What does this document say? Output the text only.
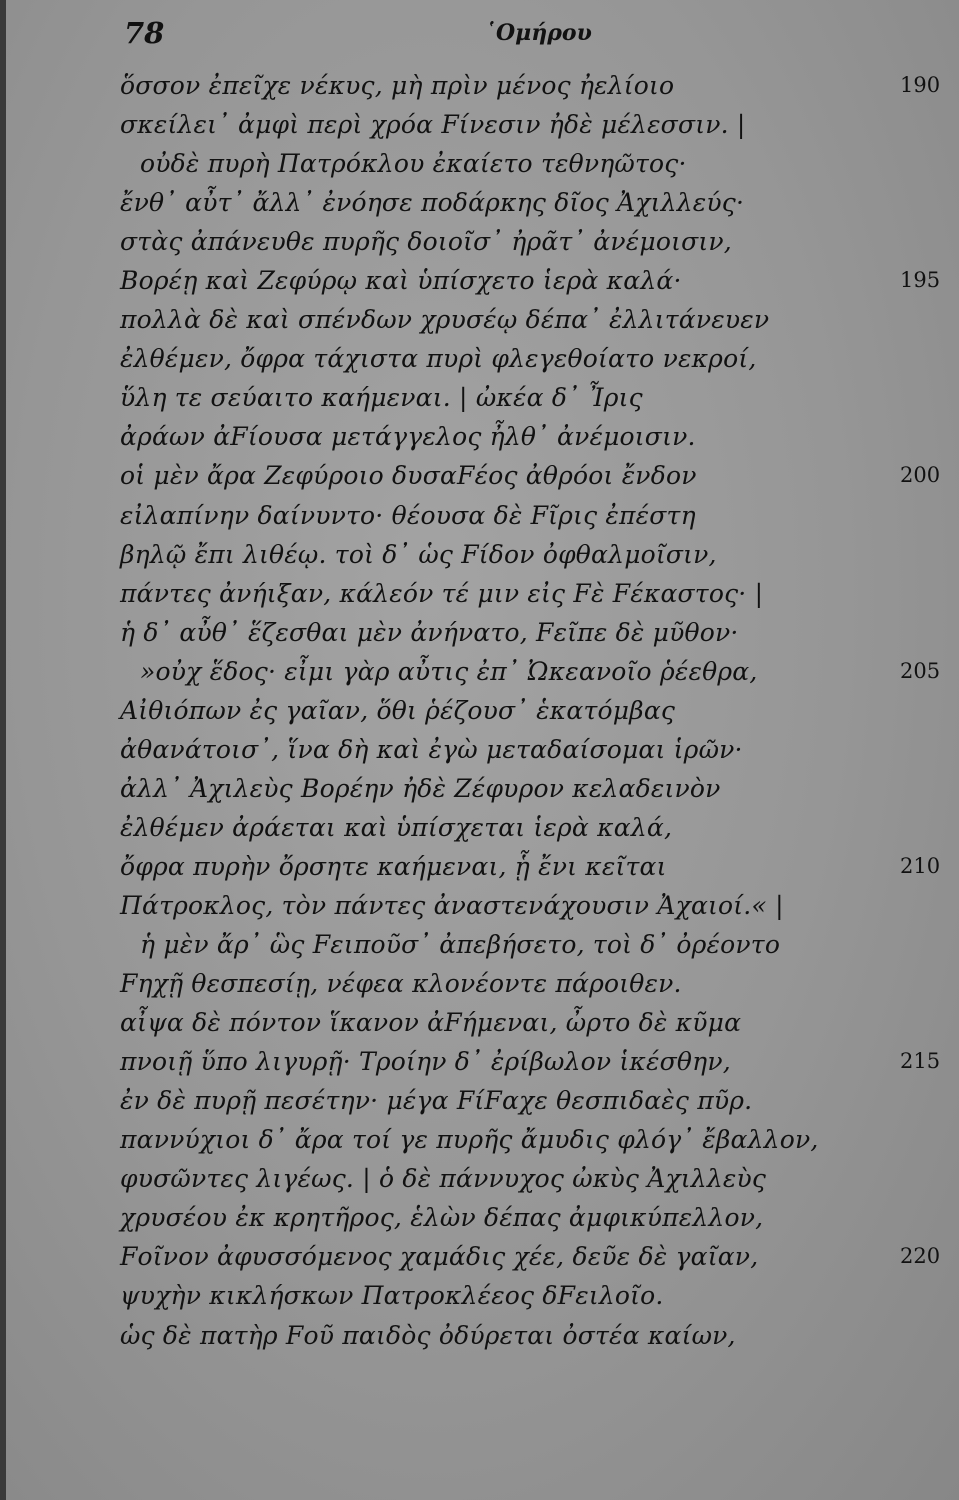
78	῾Ομήρου
ὅσσον ἐπεῖχε νέκυς, μὴ πρὶν μένος ἠελίοιο	190
σκείλει᾽ ἀμφὶ περὶ χρόα Fίνεσιν ἠδὲ μέλεσσιν. |
οὐδὲ πυρὴ Πατρόκλου ἐκαίετο τεθνηῶτος·
ἔνθ᾽ αὖτ᾽ ἄλλ᾽ ἐνόησε ποδάρκης δῖος Ἀχιλλεύς·
στὰς ἀπάνευθε πυρῆς δοιοῖσ᾽ ἠρᾶτ᾽ ἀνέμοισιν,
Βορέῃ καὶ Ζεφύρῳ καὶ ὑπίσχετο ἱερὰ καλά·	195
πολλὰ δὲ καὶ σπένδων χρυσέῳ δέπα᾽ ἐλλιτάνευεν
ἐλθέμεν, ὄφρα τάχιστα πυρὶ φλεγεθοίατο νεκροί,
ὕλη τε σεύαιτο καήμεναι. | ὠκέα δ᾽ Ἶρις
ἀράων ἀFίουσα μετάγγελος ἦλθ᾽ ἀνέμοισιν.
οἱ μὲν ἄρα Ζεφύροιο δυσαFέος ἀθρόοι ἔνδον	200
εἰλαπίνην δαίνυντο· θέουσα δὲ Fῖρις ἐπέστη
βηλῷ ἔπι λιθέῳ. τοὶ δ᾽ ὡς Fίδον ὀφθαλμοῖσιν,
πάντες ἀνήιξαν, κάλεόν τέ μιν εἰς Fὲ Fέκαστος· |
ἡ δ᾽ αὖθ᾽ ἕζεσθαι μὲν ἀνήνατο, Fεῖπε δὲ μῦθον·
»οὐχ ἕδος· εἶμι γὰρ αὖτις ἐπ᾽ Ὠκεανοῖο ῥέεθρα,	205
Αἰθιόπων ἐς γαῖαν, ὅθι ῥέζουσ᾽ ἑκατόμβας
ἀθανάτοισ᾽, ἵνα δὴ καὶ ἐγὼ μεταδαίσομαι ἱρῶν·
ἀλλ᾽ Ἀχιλεὺς Βορέην ἠδὲ Ζέφυρον κελαδεινὸν
ἐλθέμεν ἀράεται καὶ ὑπίσχεται ἱερὰ καλά,
ὄφρα πυρὴν ὄρσητε καήμεναι, ᾗ ἔνι κεῖται	210
Πάτροκλος, τὸν πάντες ἀναστενάχουσιν Ἀχαιοί.« |
ἡ μὲν ἄρ᾽ ὣς Fειποῦσ᾽ ἀπεβήσετο, τοὶ δ᾽ ὀρέοντο
Fηχῇ θεσπεσίῃ, νέφεα κλονέοντε πάροιθεν.
αἶψα δὲ πόντον ἵκανον ἀFήμεναι, ὦρτο δὲ κῦμα
πνοιῇ ὕπο λιγυρῇ· Τροίην δ᾽ ἐρίβωλον ἱκέσθην,	215
ἐν δὲ πυρῇ πεσέτην· μέγα FίFαχε θεσπιδαὲς πῦρ.
παννύχιοι δ᾽ ἄρα τοί γε πυρῆς ἄμυδις φλόγ᾽ ἔβαλλον,
φυσῶντες λιγέως. | ὁ δὲ πάννυχος ὠκὺς Ἀχιλλεὺς
χρυσέου ἐκ κρητῆρος, ἑλὼν δέπας ἀμφικύπελλον,
Fοῖνον ἀφυσσόμενος χαμάδις χέε, δεῦε δὲ γαῖαν,	220
ψυχὴν κικλήσκων Πατροκλέεος δFειλοῖο.
ὡς δὲ πατὴρ Fοῦ παιδὸς ὀδύρεται ὀστέα καίων,
